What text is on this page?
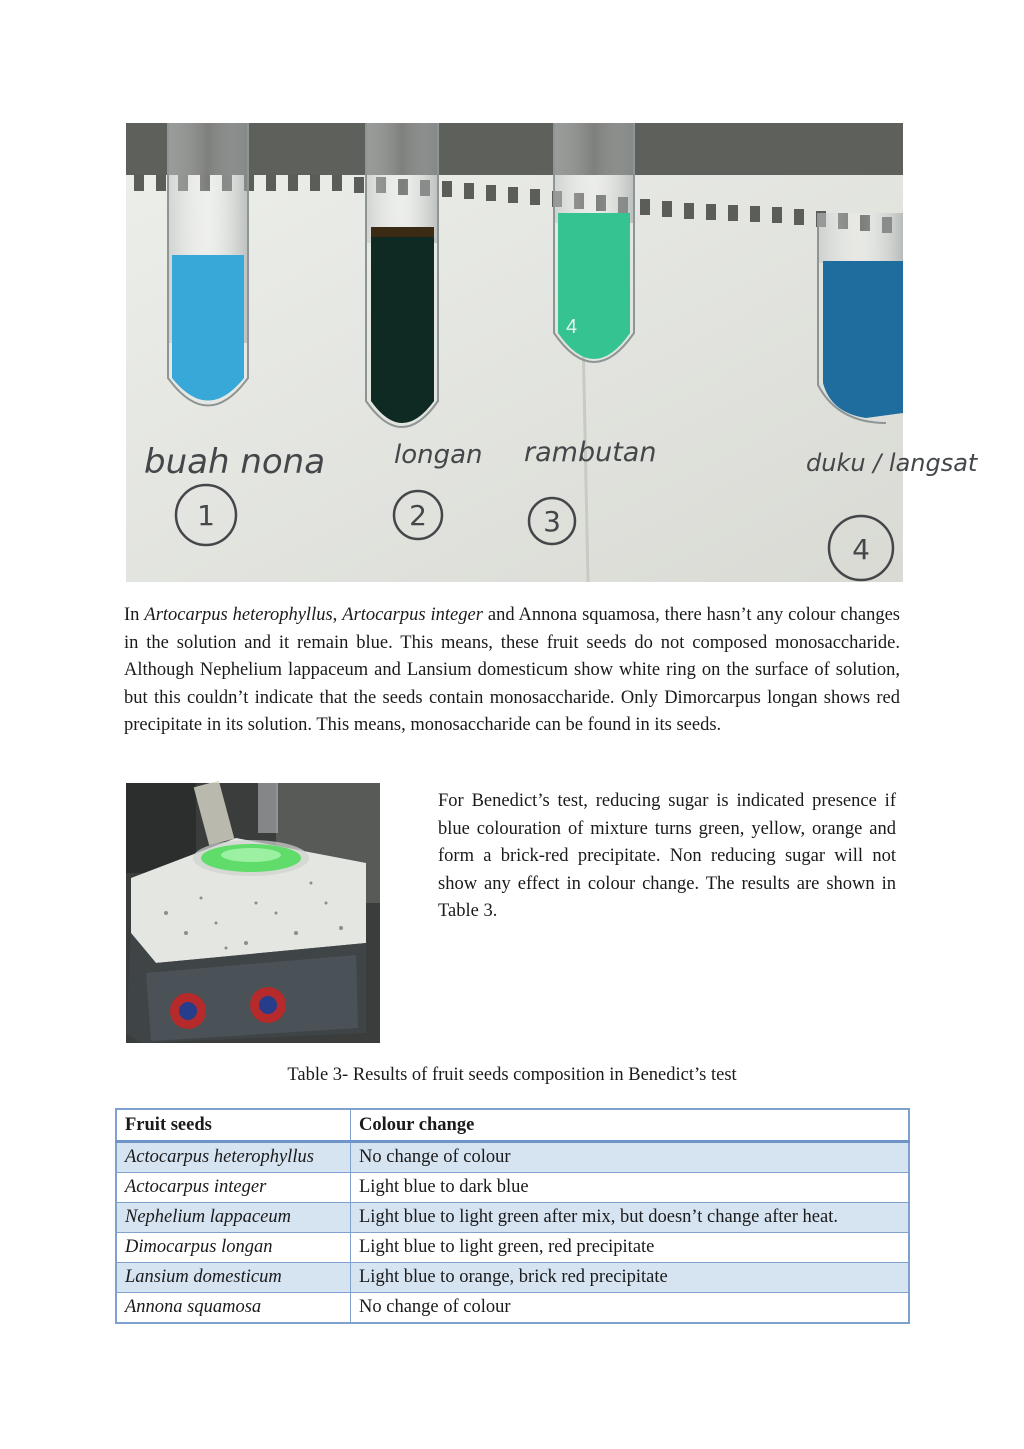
4
buah nona	longan rambutan	duku / langsat
1	2	3
4

In Artocarpus heterophyllus, Artocarpus integer and Annona squamosa, there hasn’t any colour changes in the solution and it remain blue. This means, these fruit seeds do not composed monosaccharide. Although Nephelium lappaceum and Lansium domesticum show white ring on the surface of solution, but this couldn’t indicate that the seeds contain monosaccharide. Only Dimorcarpus longan shows red precipitate in its solution. This means, monosaccharide can be found in its seeds.

For Benedict’s test, reducing sugar is indicated presence if blue colouration of mixture turns green, yellow, orange and form a brick-red precipitate. Non reducing sugar will not show any effect in colour change. The results are shown in Table 3.

Table 3- Results of fruit seeds composition in Benedict’s test
Fruit seeds	Colour change
Actocarpus heterophyllus	No change of colour
Actocarpus integer	Light blue to dark blue
Nephelium lappaceum	Light blue to light green after mix, but doesn’t change after heat.
Dimocarpus longan	Light blue to light green, red precipitate
Lansium domesticum	Light blue to orange, brick red precipitate
Annona squamosa	No change of colour
